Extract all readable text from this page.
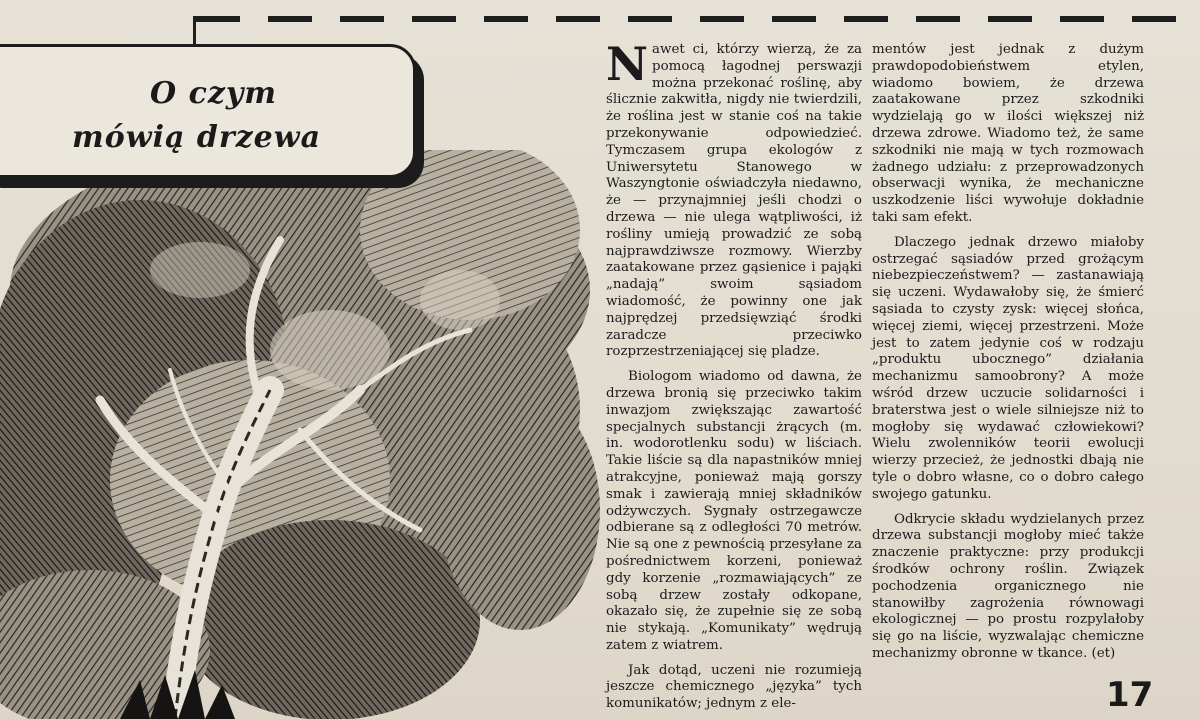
O czym
mówią drzewa

N awet ci, którzy wierzą, że za pomocą łagodnej perswazji można przekonać roślinę, aby ślicznie zakwitła, nigdy nie twierdzili, że roślina jest w stanie coś na takie przekonywanie odpowiedzieć. Tymczasem grupa ekologów z Uniwersytetu Stanowego w Waszyngtonie oświadczyła niedawno, że — przynajmniej jeśli chodzi o drzewa — nie ulega wątpliwości, iż rośliny umieją prowadzić ze sobą najprawdziwsze rozmowy. Wierzby zaatakowane przez gąsienice i pająki „nadają” swoim sąsiadom wiadomość, że powinny one jak najprędzej przedsięwziąć środki zaradcze przeciwko rozprzestrzeniającej się pladze.

Biologom wiadomo od dawna, że drzewa bronią się przeciwko takim inwazjom zwiększając zawartość specjalnych substancji żrących (m. in. wodorotlenku sodu) w liściach. Takie liście są dla napastników mniej atrakcyjne, ponieważ mają gorszy smak i zawierają mniej składników odżywczych. Sygnały ostrzegawcze odbierane są z odległości 70 metrów. Nie są one z pewnością przesyłane za pośrednictwem korzeni, ponieważ gdy korzenie „rozmawiających” ze sobą drzew zostały odkopane, okazało się, że zupełnie się ze sobą nie stykają. „Komunikaty” wędrują zatem z wiatrem.

Jak dotąd, uczeni nie rozumieją jeszcze chemicznego „języka” tych komunikatów; jednym z ele-

mentów jest jednak z dużym prawdopodobieństwem etylen, wiadomo bowiem, że drzewa zaatakowane przez szkodniki wydzielają go w ilości większej niż drzewa zdrowe. Wiadomo też, że same szkodniki nie mają w tych rozmowach żadnego udziału: z przeprowadzonych obserwacji wynika, że mechaniczne uszkodzenie liści wywołuje dokładnie taki sam efekt.

Dlaczego jednak drzewo miałoby ostrzegać sąsiadów przed grożącym niebezpieczeństwem? — zastanawiają się uczeni. Wydawałoby się, że śmierć sąsiada to czysty zysk: więcej słońca, więcej ziemi, więcej przestrzeni. Może jest to zatem jedynie coś w rodzaju „produktu ubocznego” działania mechanizmu samoobrony? A może wśród drzew uczucie solidarności i braterstwa jest o wiele silniejsze niż to mogłoby się wydawać człowiekowi? Wielu zwolenników teorii ewolucji wierzy przecież, że jednostki dbają nie tyle o dobro własne, co o dobro całego swojego gatunku.

Odkrycie składu wydzielanych przez drzewa substancji mogłoby mieć także znaczenie praktyczne: przy produkcji środków ochrony roślin. Związek pochodzenia organicznego nie stanowiłby zagrożenia równowagi ekologicznej — po prostu rozpylałoby się go na liście, wyzwalając chemiczne mechanizmy obronne w tkance. (et)

17
